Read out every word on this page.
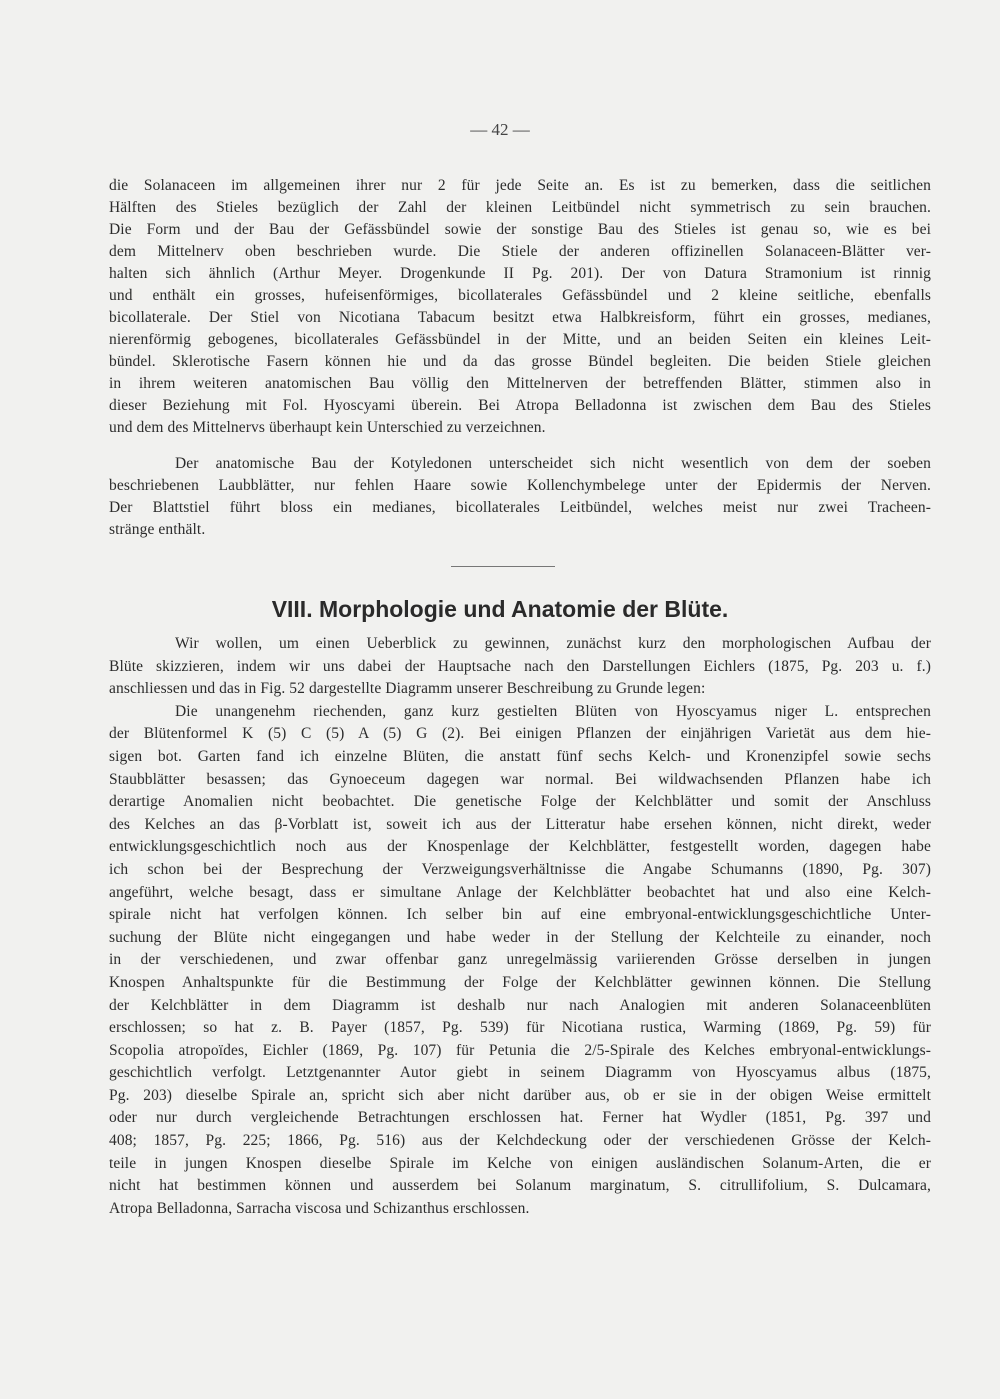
— 42 —
die Solanaceen im allgemeinen ihrer nur 2 für jede Seite an. Es ist zu bemerken, dass die seitlichen
Hälften des Stieles bezüglich der Zahl der kleinen Leitbündel nicht symmetrisch zu sein brauchen.
Die Form und der Bau der Gefässbündel sowie der sonstige Bau des Stieles ist genau so, wie es bei
dem Mittelnerv oben beschrieben wurde. Die Stiele der anderen offizinellen Solanaceen-Blätter ver-
halten sich ähnlich (Arthur Meyer. Drogenkunde II Pg. 201). Der von Datura Stramonium ist rinnig
und enthält ein grosses, hufeisenförmiges, bicollaterales Gefässbündel und 2 kleine seitliche, ebenfalls
bicollaterale. Der Stiel von Nicotiana Tabacum besitzt etwa Halbkreisform, führt ein grosses, medianes,
nierenförmig gebogenes, bicollaterales Gefässbündel in der Mitte, und an beiden Seiten ein kleines Leit-
bündel. Sklerotische Fasern können hie und da das grosse Bündel begleiten. Die beiden Stiele gleichen
in ihrem weiteren anatomischen Bau völlig den Mittelnerven der betreffenden Blätter, stimmen also in
dieser Beziehung mit Fol. Hyoscyami überein. Bei Atropa Belladonna ist zwischen dem Bau des Stieles
und dem des Mittelnervs überhaupt kein Unterschied zu verzeichnen.
Der anatomische Bau der Kotyledonen unterscheidet sich nicht wesentlich von dem der soeben
beschriebenen Laubblätter, nur fehlen Haare sowie Kollenchymbelege unter der Epidermis der Nerven.
Der Blattstiel führt bloss ein medianes, bicollaterales Leitbündel, welches meist nur zwei Tracheen-
stränge enthält.
VIII. Morphologie und Anatomie der Blüte.
Wir wollen, um einen Ueberblick zu gewinnen, zunächst kurz den morphologischen Aufbau der
Blüte skizzieren, indem wir uns dabei der Hauptsache nach den Darstellungen Eichlers (1875, Pg. 203 u. f.)
anschliessen und das in Fig. 52 dargestellte Diagramm unserer Beschreibung zu Grunde legen:
Die unangenehm riechenden, ganz kurz gestielten Blüten von Hyoscyamus niger L. entsprechen
der Blütenformel K (5) C (5) A (5) G (2). Bei einigen Pflanzen der einjährigen Varietät aus dem hie-
sigen bot. Garten fand ich einzelne Blüten, die anstatt fünf sechs Kelch- und Kronenzipfel sowie sechs
Staubblätter besassen; das Gynoeceum dagegen war normal. Bei wildwachsenden Pflanzen habe ich
derartige Anomalien nicht beobachtet. Die genetische Folge der Kelchblätter und somit der Anschluss
des Kelches an das β-Vorblatt ist, soweit ich aus der Litteratur habe ersehen können, nicht direkt, weder
entwicklungsgeschichtlich noch aus der Knospenlage der Kelchblätter, festgestellt worden, dagegen habe
ich schon bei der Besprechung der Verzweigungsverhältnisse die Angabe Schumanns (1890, Pg. 307)
angeführt, welche besagt, dass er simultane Anlage der Kelchblätter beobachtet hat und also eine Kelch-
spirale nicht hat verfolgen können. Ich selber bin auf eine embryonal-entwicklungsgeschichtliche Unter-
suchung der Blüte nicht eingegangen und habe weder in der Stellung der Kelchteile zu einander, noch
in der verschiedenen, und zwar offenbar ganz unregelmässig variierenden Grösse derselben in jungen
Knospen Anhaltspunkte für die Bestimmung der Folge der Kelchblätter gewinnen können. Die Stellung
der Kelchblätter in dem Diagramm ist deshalb nur nach Analogien mit anderen Solanaceenblüten
erschlossen; so hat z. B. Payer (1857, Pg. 539) für Nicotiana rustica, Warming (1869, Pg. 59) für
Scopolia atropoïdes, Eichler (1869, Pg. 107) für Petunia die 2/5-Spirale des Kelches embryonal-entwicklungs-
geschichtlich verfolgt. Letztgenannter Autor giebt in seinem Diagramm von Hyoscyamus albus (1875,
Pg. 203) dieselbe Spirale an, spricht sich aber nicht darüber aus, ob er sie in der obigen Weise ermittelt
oder nur durch vergleichende Betrachtungen erschlossen hat. Ferner hat Wydler (1851, Pg. 397 und
408; 1857, Pg. 225; 1866, Pg. 516) aus der Kelchdeckung oder der verschiedenen Grösse der Kelch-
teile in jungen Knospen dieselbe Spirale im Kelche von einigen ausländischen Solanum-Arten, die er
nicht hat bestimmen können und ausserdem bei Solanum marginatum, S. citrullifolium, S. Dulcamara,
Atropa Belladonna, Sarracha viscosa und Schizanthus erschlossen.
